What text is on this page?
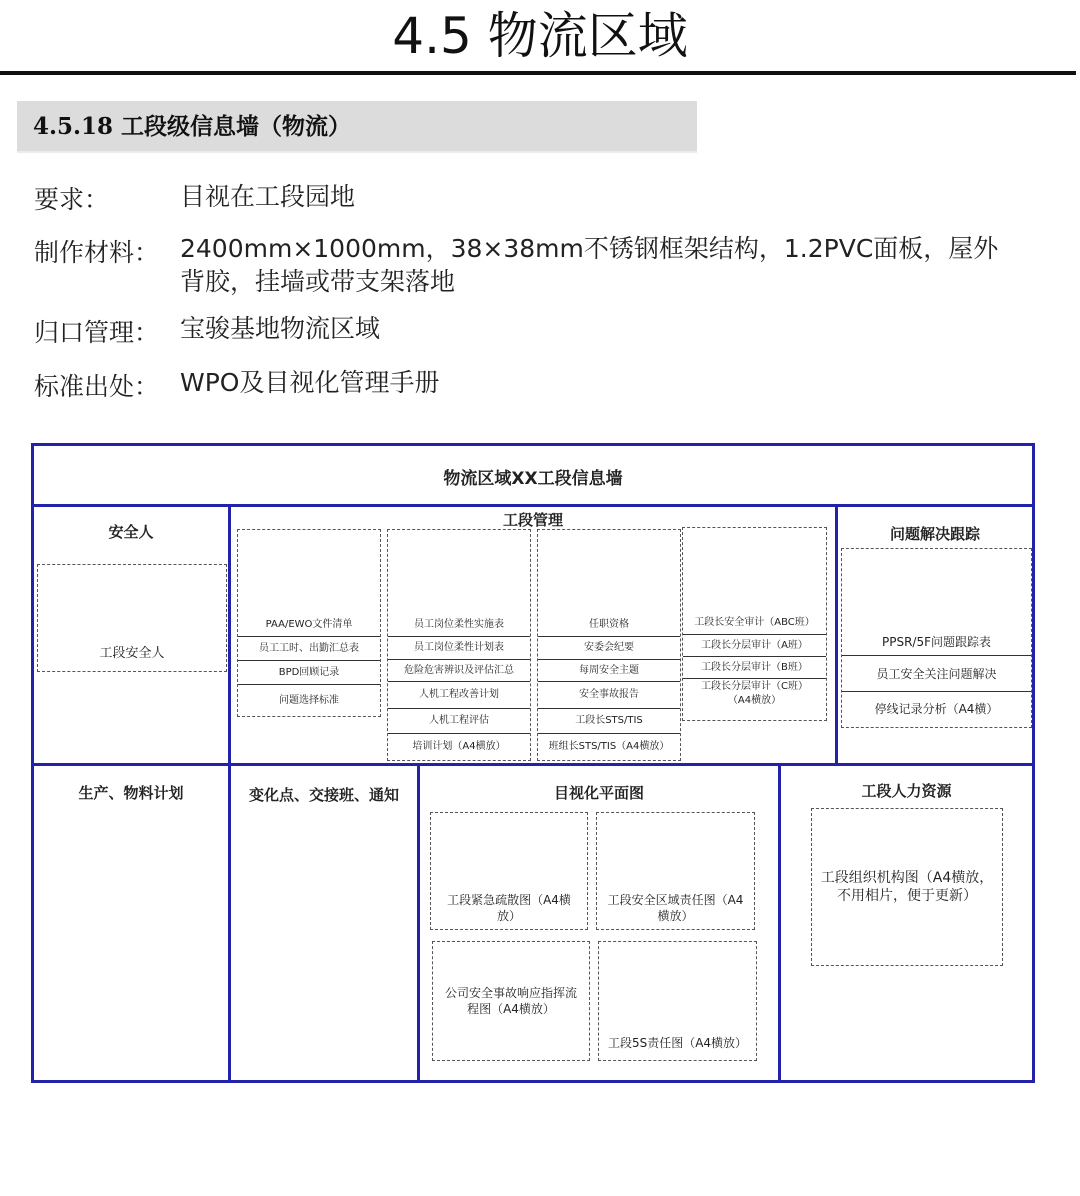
4.5 物流区域
4.5.18 工段级信息墙（物流）
要求：	目视在工段园地
制作材料： 2400mm×1000mm，38×38mm不锈钢框架结构，1.2PVC面板，屋外
背胶，挂墙或带支架落地
归口管理： 宝骏基地物流区域
标准出处： WPO及目视化管理手册
物流区域XX工段信息墙
安全人
工段安全人
工段管理
PAA/EWO文件清单
员工工时、出勤汇总表
BPD回顾记录
问题选择标准
员工岗位柔性实施表
员工岗位柔性计划表
危险危害辨识及评估汇总
人机工程改善计划
人机工程评估
培训计划（A4横放）
任职资格
安委会纪要
每周安全主题
安全事故报告
工段长STS/TIS
班组长STS/TIS（A4横放）
工段长安全审计（ABC班）
工段长分层审计（A班）
工段长分层审计（B班）
工段长分层审计（C班）
（A4横放）
问题解决跟踪
PPSR/5F问题跟踪表
员工安全关注问题解决
停线记录分析（A4横）
生产、物料计划	变化点、交接班、通知	目视化平面图
工段紧急疏散图（A4横放）
工段安全区域责任图（A4横放）
公司安全事故响应指挥流程图（A4横放）
工段5S责任图（A4横放）
工段人力资源
工段组织机构图（A4横放，不用相片，便于更新）
